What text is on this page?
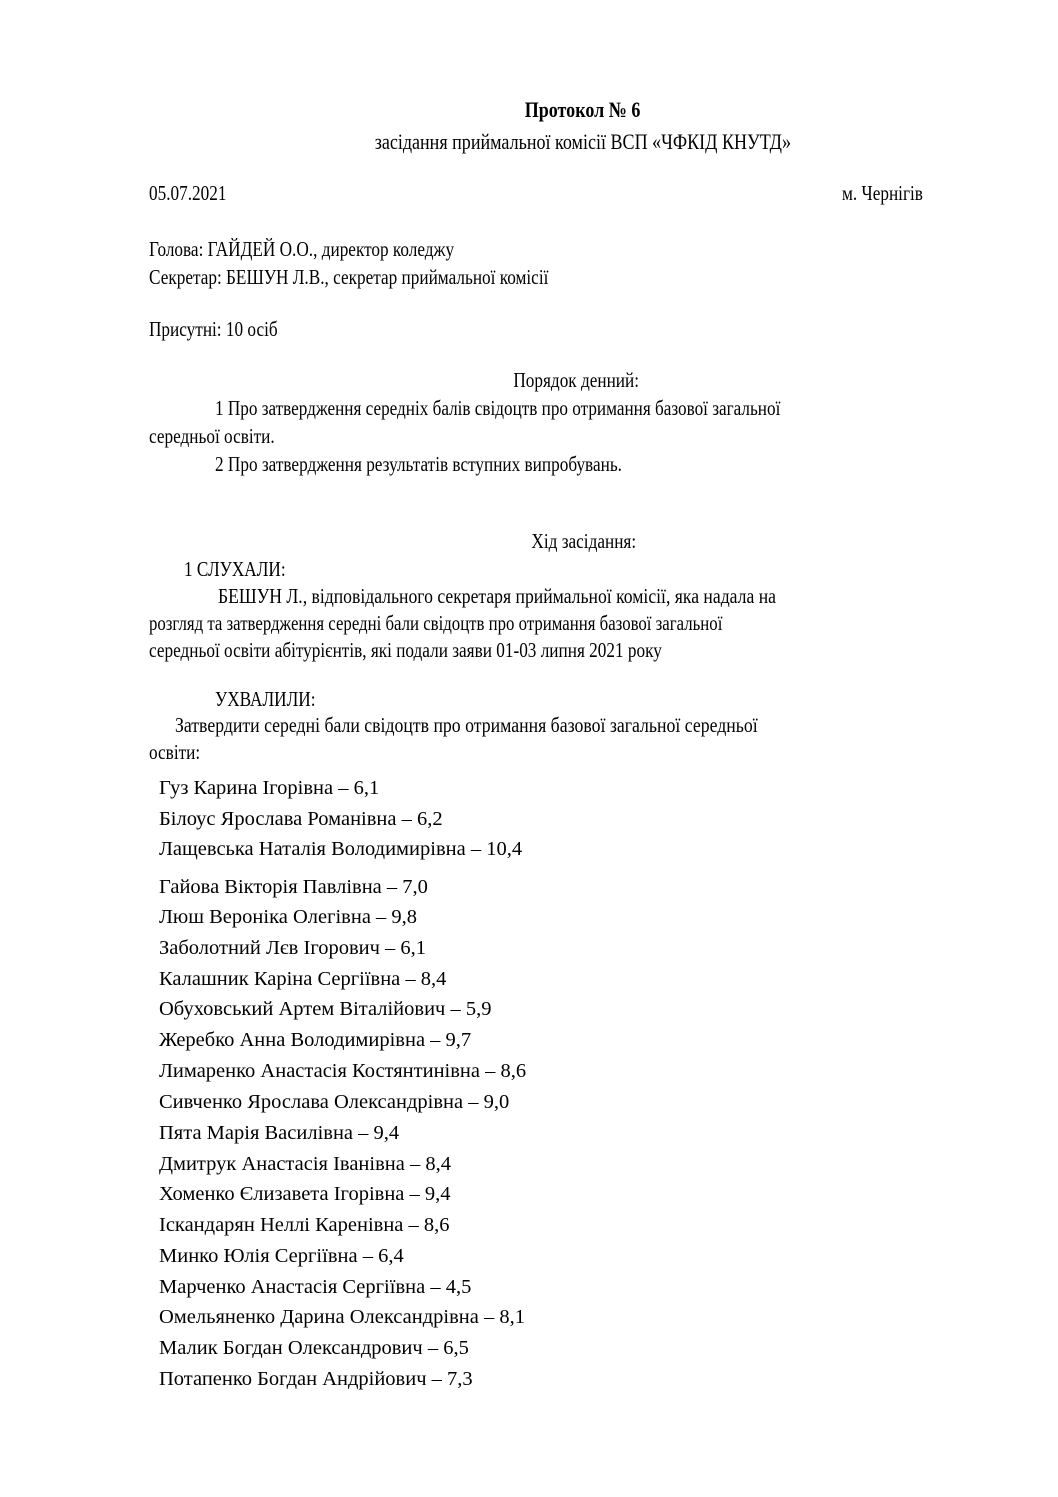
Протокол № 6
засідання приймальної комісії ВСП «ЧФКІД КНУТД»
05.07.2021	м. Чернігів
Голова: ГАЙДЕЙ О.О., директор коледжу
Секретар: БЕШУН Л.В., секретар приймальної комісії
Присутні: 10 осіб
Порядок денний:
1 Про затвердження середніх балів свідоцтв про отримання базової загальної
середньої освіти.
2 Про затвердження результатів вступних випробувань.
Хід засідання:
1 СЛУХАЛИ:
БЕШУН Л., відповідального секретаря приймальної комісії, яка надала на
розгляд та затвердження середні бали свідоцтв про отримання базової загальної
середньої освіти абітурієнтів, які подали заяви 01-03 липня 2021 року
УХВАЛИЛИ:
Затвердити середні бали свідоцтв про отримання базової загальної середньої
освіти:
Гуз Карина Ігорівна – 6,1
Білоус Ярослава Романівна – 6,2
Лащевська Наталія Володимирівна – 10,4
Гайова Вікторія Павлівна – 7,0
Люш Вероніка Олегівна – 9,8
Заболотний Лєв Ігорович – 6,1
Калашник Каріна Сергіївна – 8,4
Обуховський Артем Віталійович – 5,9
Жеребко Анна Володимирівна – 9,7
Лимаренко Анастасія Костянтинівна – 8,6
Сивченко Ярослава Олександрівна – 9,0
Пята Марія Василівна – 9,4
Дмитрук Анастасія Іванівна – 8,4
Хоменко Єлизавета Ігорівна – 9,4
Іскандарян Неллі Каренівна – 8,6
Минко Юлія Сергіївна – 6,4
Марченко Анастасія Сергіївна – 4,5
Омельяненко Дарина Олександрівна – 8,1
Малик Богдан Олександрович – 6,5
Потапенко Богдан Андрійович – 7,3
